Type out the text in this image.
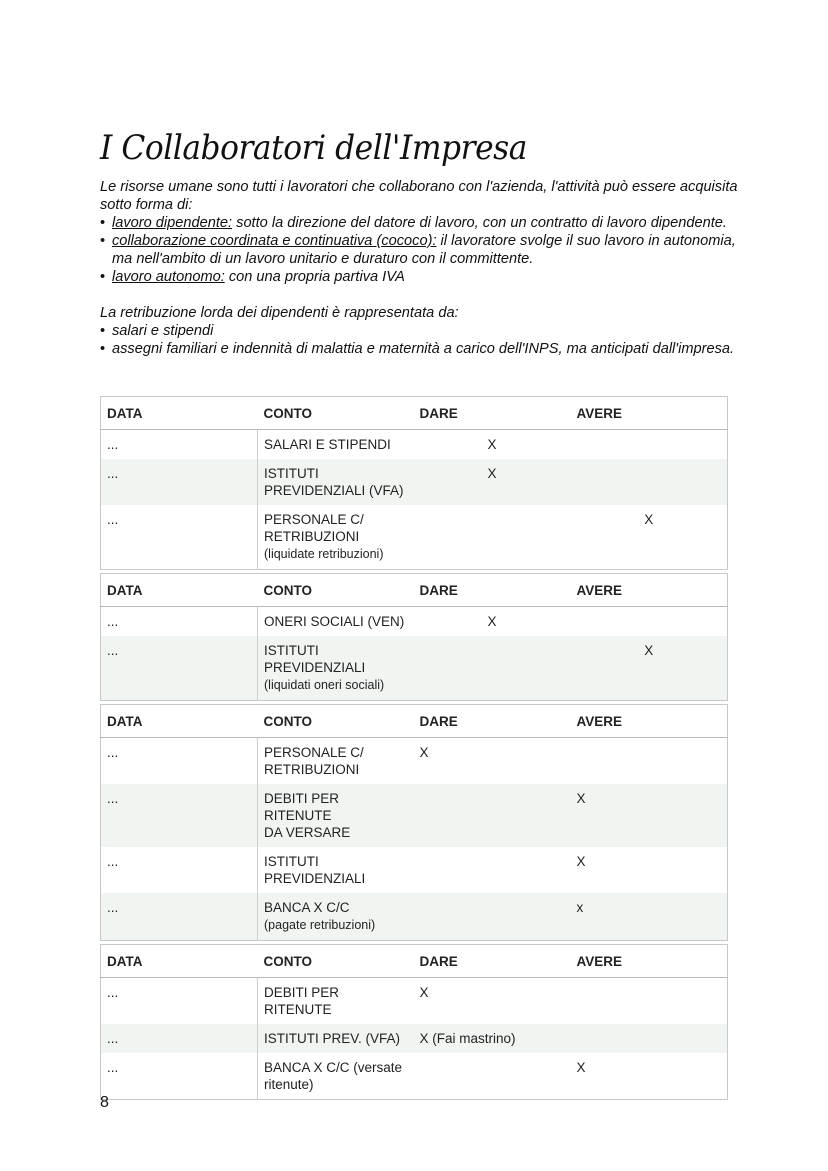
I Collaboratori dell'Impresa

Le risorse umane sono tutti i lavoratori che collaborano con l'azienda, l'attività può essere acquisita sotto forma di:

• lavoro dipendente: sotto la direzione del datore di lavoro, con un contratto di lavoro dipendente.
• collaborazione coordinata e continuativa (cococo): il lavoratore svolge il suo lavoro in autonomia, ma nell'ambito di un lavoro unitario e duraturo con il committente.
• lavoro autonomo: con una propria partiva IVA

La retribuzione lorda dei dipendenti è rappresentata da:

• salari e stipendi
• assegni familiari e indennità di malattia e maternità a carico dell'INPS, ma anticipati dall'impresa.
DATA	CONTO	DARE	AVERE
...	SALARI E STIPENDI	X	
...	ISTITUTI
PREVIDENZIALI (VFA)	X	
...	PERSONALE C/
RETRIBUZIONI
(liquidate retribuzioni)		X
DATA	CONTO	DARE	AVERE
...	ONERI SOCIALI (VEN)	X	
...	ISTITUTI
PREVIDENZIALI
(liquidati oneri sociali)		X
DATA	CONTO	DARE	AVERE
...	PERSONALE C/
RETRIBUZIONI	X	
...	DEBITI PER RITENUTE
DA VERSARE		X
...	ISTITUTI
PREVIDENZIALI		X
...	BANCA X C/C
(pagate retribuzioni)		x
DATA	CONTO	DARE	AVERE
...	DEBITI PER RITENUTE	X	
...	ISTITUTI PREV. (VFA)	X (Fai mastrino)	
...	BANCA X C/C (versate
ritenute)		X
8
